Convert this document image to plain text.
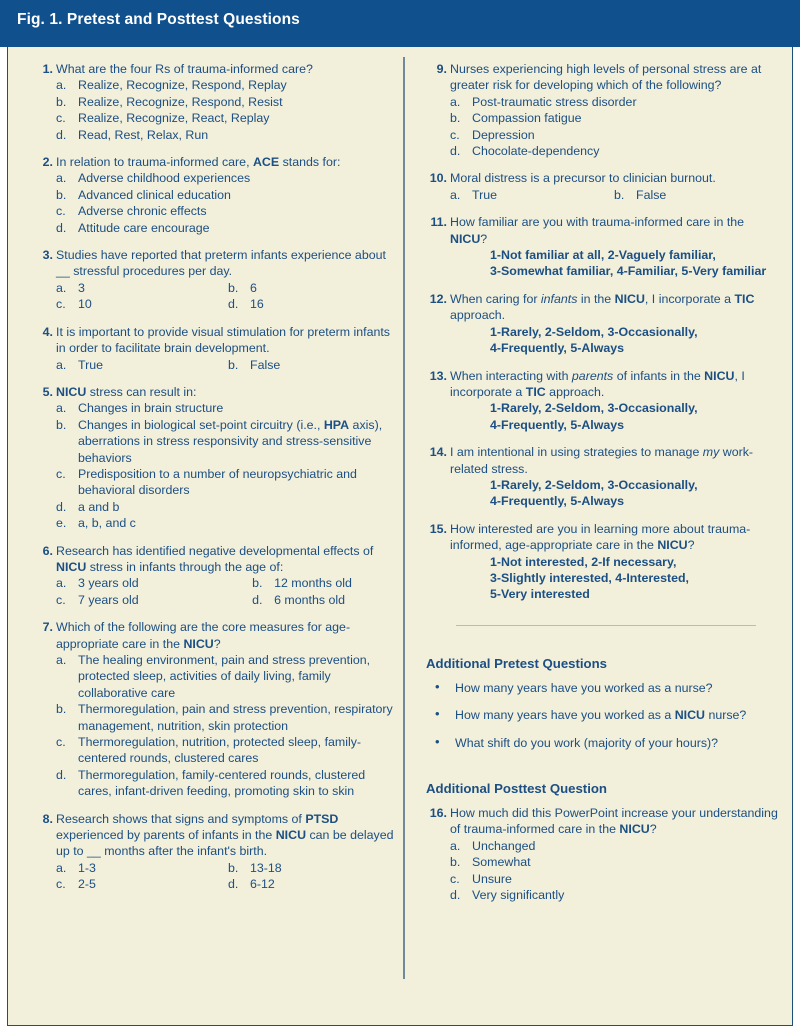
Fig. 1. Pretest and Posttest Questions
1. What are the four Rs of trauma-informed care?
a. Realize, Recognize, Respond, Replay
b. Realize, Recognize, Respond, Resist
c. Realize, Recognize, React, Replay
d. Read, Rest, Relax, Run
2. In relation to trauma-informed care, ACE stands for:
a. Adverse childhood experiences
b. Advanced clinical education
c. Adverse chronic effects
d. Attitude care encourage
3. Studies have reported that preterm infants experience about __ stressful procedures per day.
a. 3	b. 6
c. 10	d. 16
4. It is important to provide visual stimulation for preterm infants in order to facilitate brain development.
a. True	b. False
5. NICU stress can result in:
a. Changes in brain structure
b. Changes in biological set-point circuitry (i.e., HPA axis), aberrations in stress responsivity and stress-sensitive behaviors
c. Predisposition to a number of neuropsychiatric and behavioral disorders
d. a and b
e. a, b, and c
6. Research has identified negative developmental effects of NICU stress in infants through the age of:
a. 3 years old	b. 12 months old
c. 7 years old	d. 6 months old
7. Which of the following are the core measures for age-appropriate care in the NICU?
a. The healing environment, pain and stress prevention, protected sleep, activities of daily living, family collaborative care
b. Thermoregulation, pain and stress prevention, respiratory management, nutrition, skin protection
c. Thermoregulation, nutrition, protected sleep, family-centered rounds, clustered cares
d. Thermoregulation, family-centered rounds, clustered cares, infant-driven feeding, promoting skin to skin
8. Research shows that signs and symptoms of PTSD experienced by parents of infants in the NICU can be delayed up to __ months after the infant's birth.
a. 1-3	b. 13-18
c. 2-5	d. 6-12
9. Nurses experiencing high levels of personal stress are at greater risk for developing which of the following?
a. Post-traumatic stress disorder
b. Compassion fatigue
c. Depression
d. Chocolate-dependency
10. Moral distress is a precursor to clinician burnout.
a. True	b. False
11. How familiar are you with trauma-informed care in the NICU?
1-Not familiar at all, 2-Vaguely familiar,
3-Somewhat familiar, 4-Familiar, 5-Very familiar
12. When caring for infants in the NICU, I incorporate a TIC approach.
1-Rarely, 2-Seldom, 3-Occasionally,
4-Frequently, 5-Always
13. When interacting with parents of infants in the NICU, I incorporate a TIC approach.
1-Rarely, 2-Seldom, 3-Occasionally,
4-Frequently, 5-Always
14. I am intentional in using strategies to manage my work-related stress.
1-Rarely, 2-Seldom, 3-Occasionally,
4-Frequently, 5-Always
15. How interested are you in learning more about trauma-informed, age-appropriate care in the NICU?
1-Not interested, 2-If necessary,
3-Slightly interested, 4-Interested,
5-Very interested
Additional Pretest Questions
• How many years have you worked as a nurse?
• How many years have you worked as a NICU nurse?
• What shift do you work (majority of your hours)?
Additional Posttest Question
16. How much did this PowerPoint increase your understanding of trauma-informed care in the NICU?
a. Unchanged
b. Somewhat
c. Unsure
d. Very significantly
